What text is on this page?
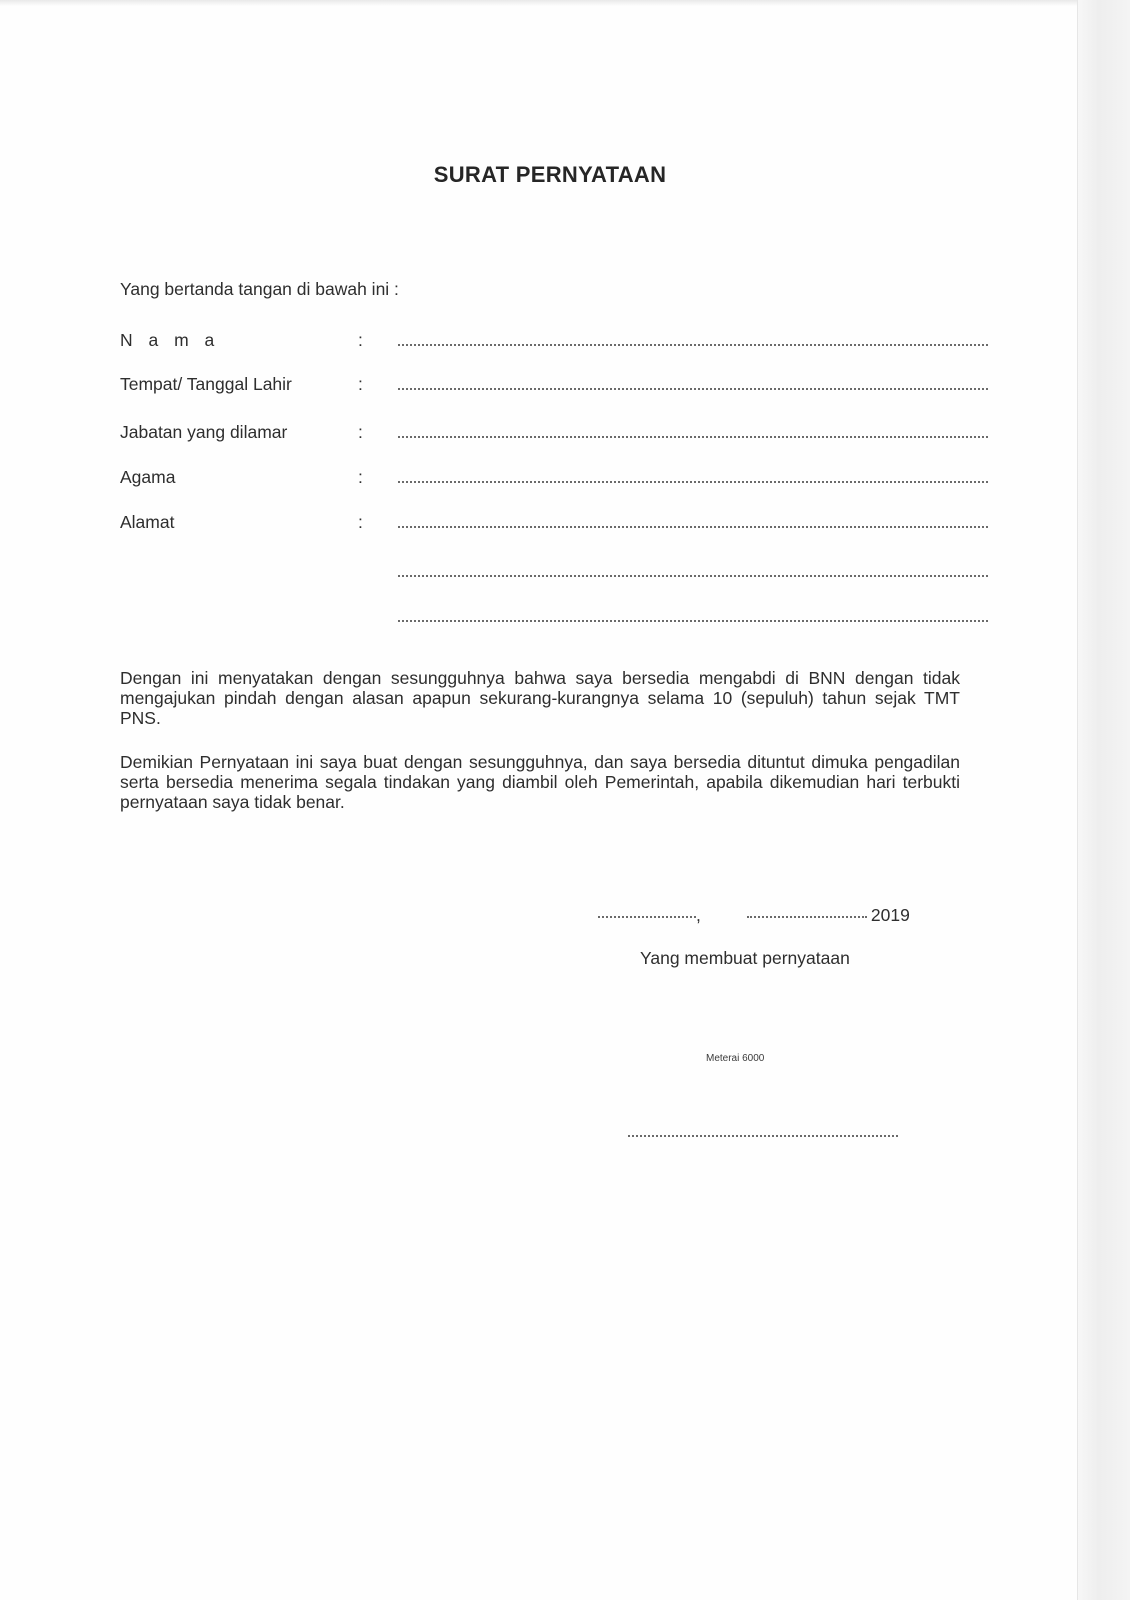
SURAT PERNYATAAN
Yang bertanda tangan di bawah ini :
N a m a	:
Tempat/ Tanggal Lahir	:
Jabatan yang dilamar	:
Agama	:
Alamat	:
Dengan ini menyatakan dengan sesungguhnya bahwa saya bersedia mengabdi di BNN dengan tidak mengajukan pindah dengan alasan apapun sekurang-kurangnya selama 10 (sepuluh) tahun sejak TMT PNS.
Demikian Pernyataan ini saya buat dengan sesungguhnya, dan saya bersedia dituntut dimuka pengadilan serta bersedia menerima segala tindakan yang diambil oleh Pemerintah, apabila dikemudian hari terbukti pernyataan saya tidak benar.
,	2019
Yang membuat pernyataan
Meterai 6000
